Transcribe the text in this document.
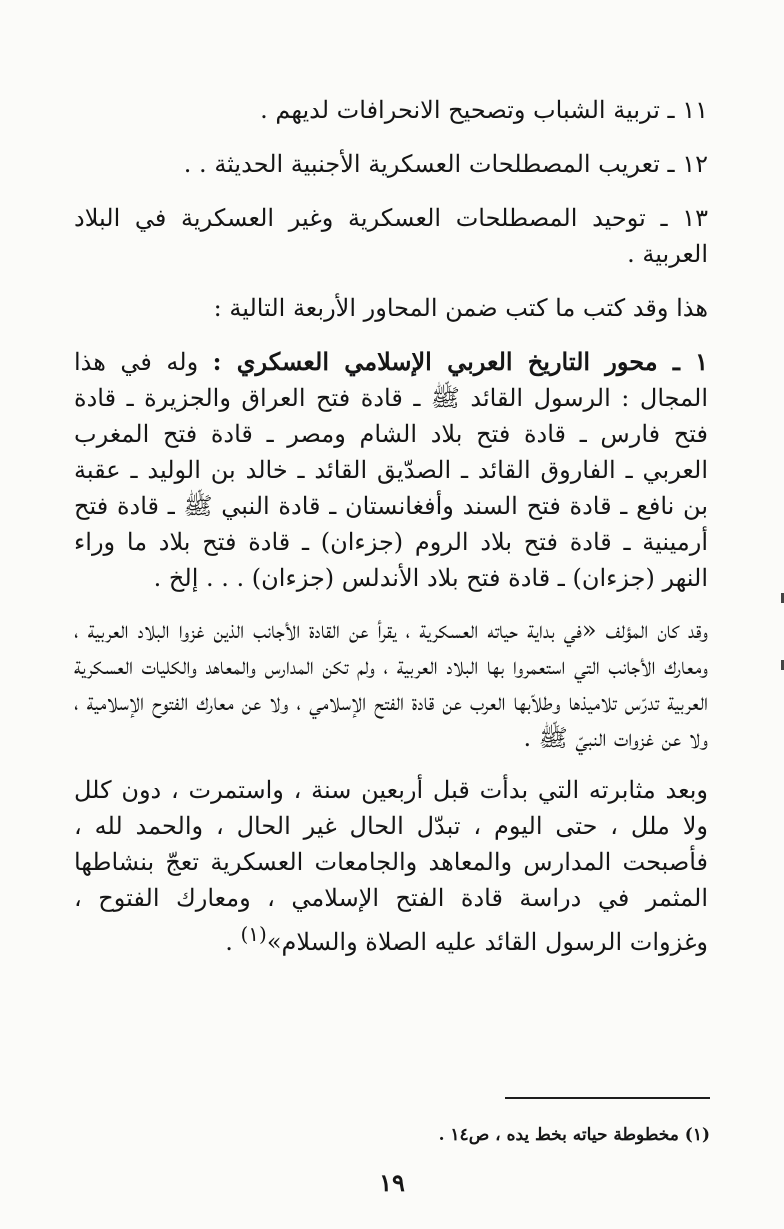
١١ ـ تربية الشباب وتصحيح الانحرافات لديهم .

١٢ ـ تعريب المصطلحات العسكرية الأجنبية الحديثة . .

١٣ ـ توحيد المصطلحات العسكرية وغير العسكرية في البلاد العربية .

هذا وقد كتب ما كتب ضمن المحاور الأربعة التالية :

١ ـ محور التاريخ العربي الإسلامي العسكري : وله في هذا المجال : الرسول القائد ﷺ ـ قادة فتح العراق والجزيرة ـ قادة فتح فارس ـ قادة فتح بلاد الشام ومصر ـ قادة فتح المغرب العربي ـ الفاروق القائد ـ الصدّيق القائد ـ خالد بن الوليد ـ عقبة بن نافع ـ قادة فتح السند وأفغانستان ـ قادة النبي ﷺ ـ قادة فتح أرمينية ـ قادة فتح بلاد الروم (جزءان) ـ قادة فتح بلاد ما وراء النهر (جزءان) ـ قادة فتح بلاد الأندلس (جزءان) . . . إلخ .

وقد كان المؤلف «في بداية حياته العسكرية ، يقرأ عن القادة الأجانب الذين غزوا البلاد العربية ، ومعارك الأجانب التي استعمروا بها البلاد العربية ، ولم تكن المدارس والمعاهد والكليات العسكرية العربية تدرّس تلاميذها وطلاّبها العرب عن قادة الفتح الإسلامي ، ولا عن معارك الفتوح الإسلامية ، ولا عن غزوات النبيّ ﷺ .

وبعد مثابرته التي بدأت قبل أربعين سنة ، واستمرت ، دون كلل ولا ملل ، حتى اليوم ، تبدّل الحال غير الحال ، والحمد لله ، فأصبحت المدارس والمعاهد والجامعات العسكرية تعجّ بنشاطها المثمر في دراسة قادة الفتح الإسلامي ، ومعارك الفتوح ، وغزوات الرسول القائد عليه الصلاة والسلام»$^{(١)}$ .

(١) مخطوطة حياته بخط يده ، ص١٤ .
١٩
